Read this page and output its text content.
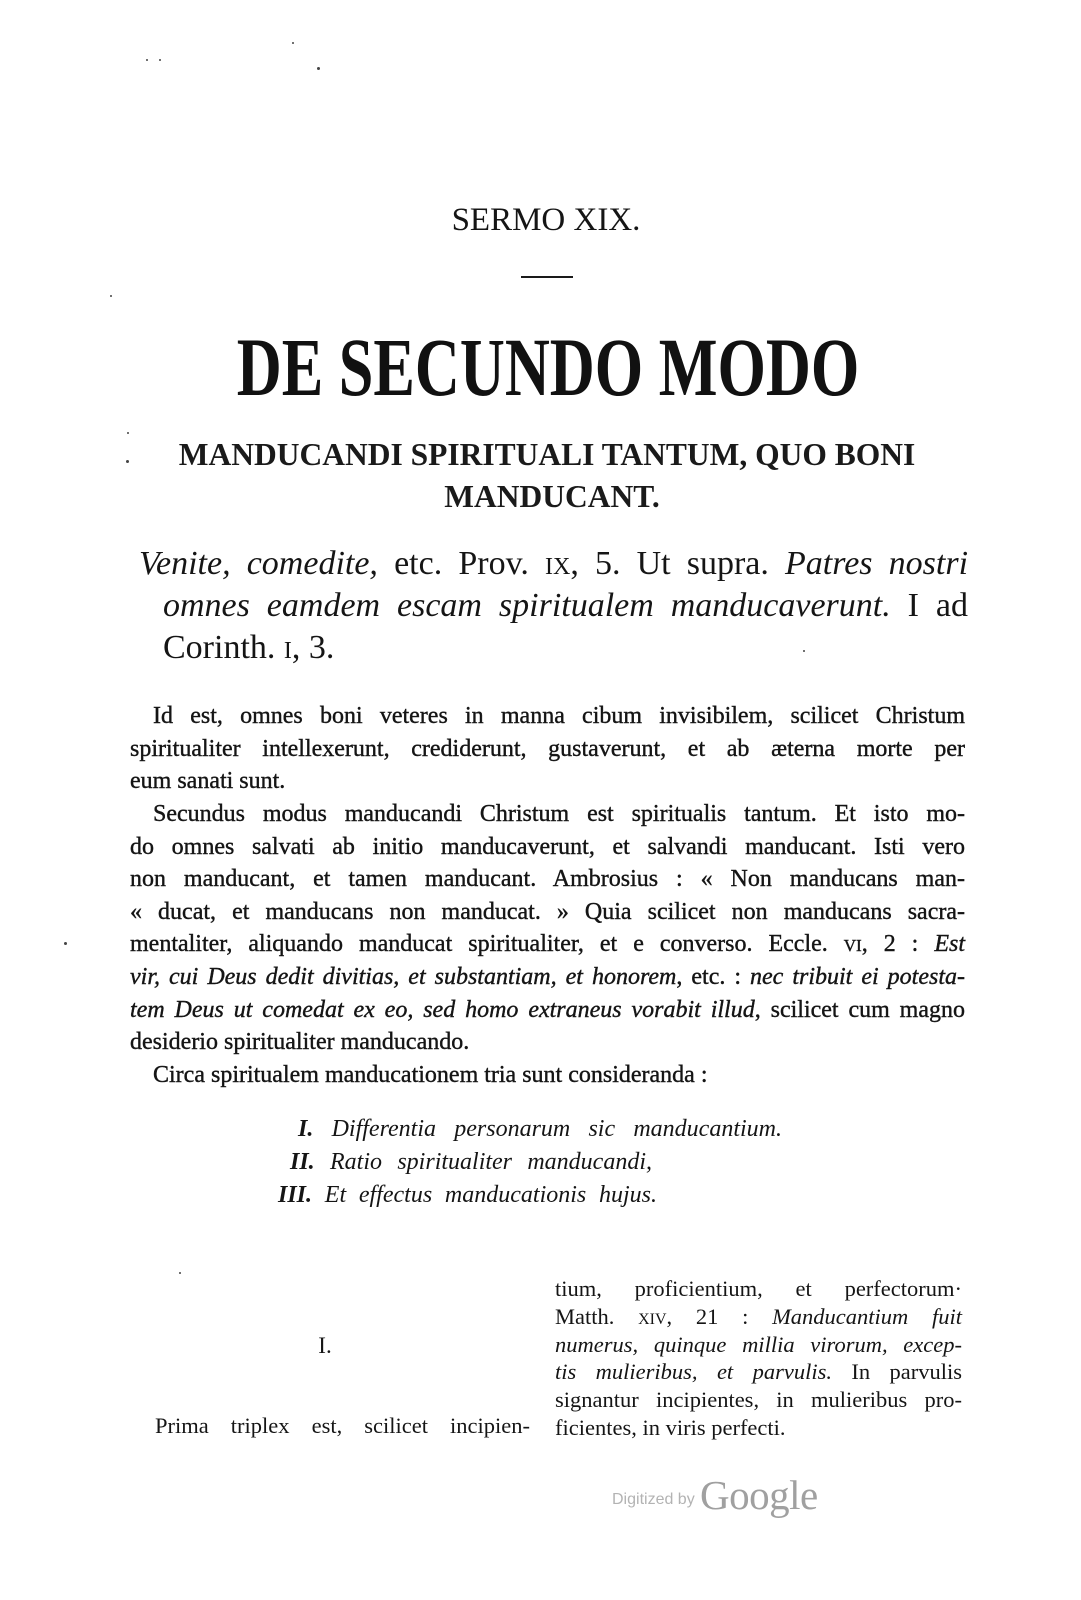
SERMO XIX.
DE SECUNDO MODO
MANDUCANDI SPIRITUALI TANTUM, QUO BONI
MANDUCANT.
Venite, comedite, etc. Prov. ix, 5. Ut supra. Patres nostri
omnes eamdem escam spiritualem manducaverunt. I ad
Corinth. i, 3.
Id est, omnes boni veteres in manna cibum invisibilem, scilicet Christum
spiritualiter intellexerunt, crediderunt, gustaverunt, et ab æterna morte per
eum sanati sunt.
Secundus modus manducandi Christum est spiritualis tantum. Et isto mo-
do omnes salvati ab initio manducaverunt, et salvandi manducant. Isti vero
non manducant, et tamen manducant. Ambrosius : « Non manducans man-
« ducat, et manducans non manducat. » Quia scilicet non manducans sacra-
mentaliter, aliquando manducat spiritualiter, et e converso. Eccle. vi, 2 : Est
vir, cui Deus dedit divitias, et substantiam, et honorem, etc. : nec tribuit ei potesta-
tem Deus ut comedat ex eo, sed homo extraneus vorabit illud, scilicet cum magno
desiderio spiritualiter manducando.
Circa spiritualem manducationem tria sunt consideranda :
I. Differentia personarum sic manducantium.
II. Ratio spiritualiter manducandi,
III. Et effectus manducationis hujus.
I.
Prima triplex est, scilicet incipien-
tium, proficientium, et perfectorum·
Matth. xiv, 21 : Manducantium fuit
numerus, quinque millia virorum, excep-
tis mulieribus, et parvulis. In parvulis
signantur incipientes, in mulieribus pro-
ficientes, in viris perfecti.
Digitized by Google
